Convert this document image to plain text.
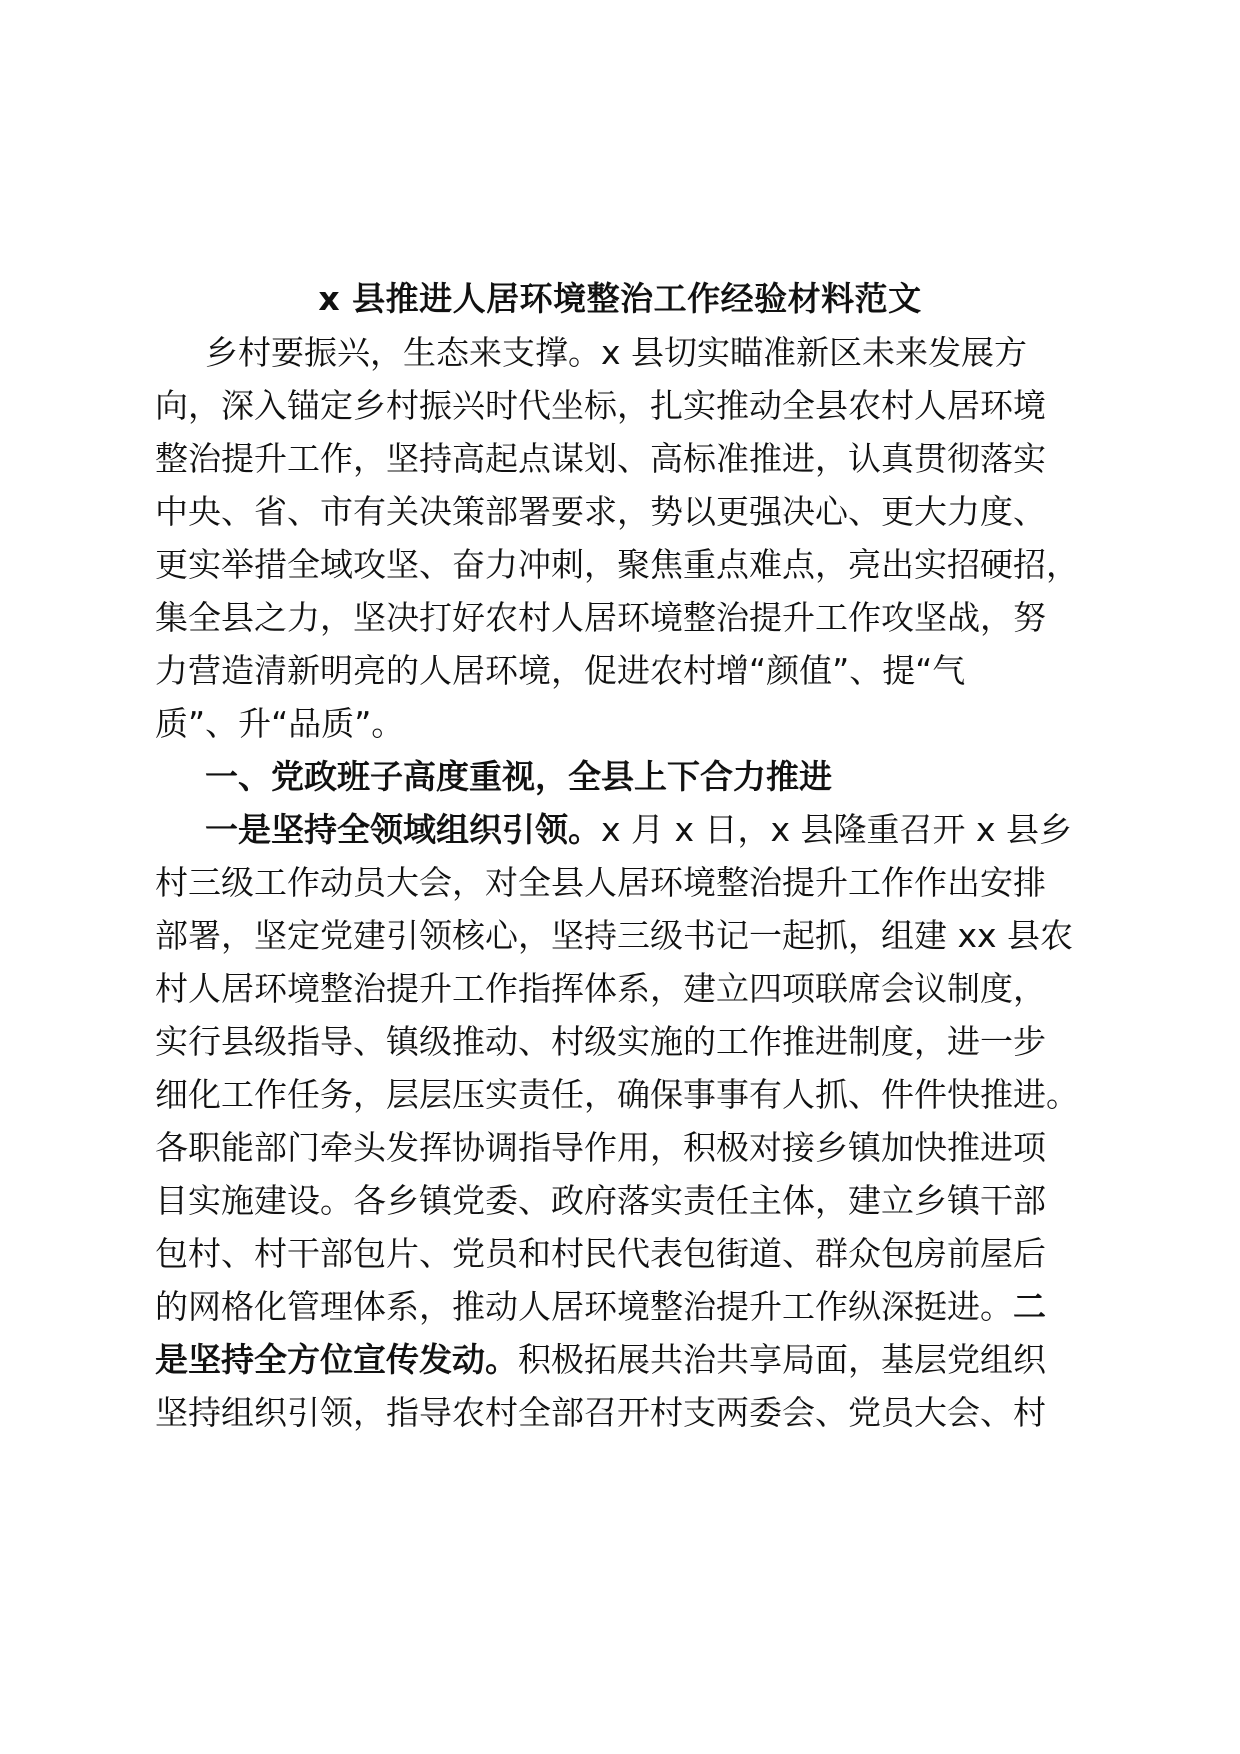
x 县推进人居环境整治工作经验材料范文
乡村要振兴，生态来支撑。x 县切实瞄准新区未来发展方
向，深入锚定乡村振兴时代坐标，扎实推动全县农村人居环境
整治提升工作，坚持高起点谋划、高标准推进，认真贯彻落实
中央、省、市有关决策部署要求，势以更强决心、更大力度、
更实举措全域攻坚、奋力冲刺，聚焦重点难点，亮出实招硬招，
集全县之力，坚决打好农村人居环境整治提升工作攻坚战，努
力营造清新明亮的人居环境，促进农村增“颜值”、提“气
质”、升“品质”。
一、党政班子高度重视，全县上下合力推进
一是坚持全领域组织引领。x 月 x 日，x 县隆重召开 x 县乡
村三级工作动员大会，对全县人居环境整治提升工作作出安排
部署，坚定党建引领核心，坚持三级书记一起抓，组建 xx 县农
村人居环境整治提升工作指挥体系，建立四项联席会议制度，
实行县级指导、镇级推动、村级实施的工作推进制度，进一步
细化工作任务，层层压实责任，确保事事有人抓、件件快推进。
各职能部门牵头发挥协调指导作用，积极对接乡镇加快推进项
目实施建设。各乡镇党委、政府落实责任主体，建立乡镇干部
包村、村干部包片、党员和村民代表包街道、群众包房前屋后
的网格化管理体系，推动人居环境整治提升工作纵深挺进。二
是坚持全方位宣传发动。积极拓展共治共享局面，基层党组织
坚持组织引领，指导农村全部召开村支两委会、党员大会、村
